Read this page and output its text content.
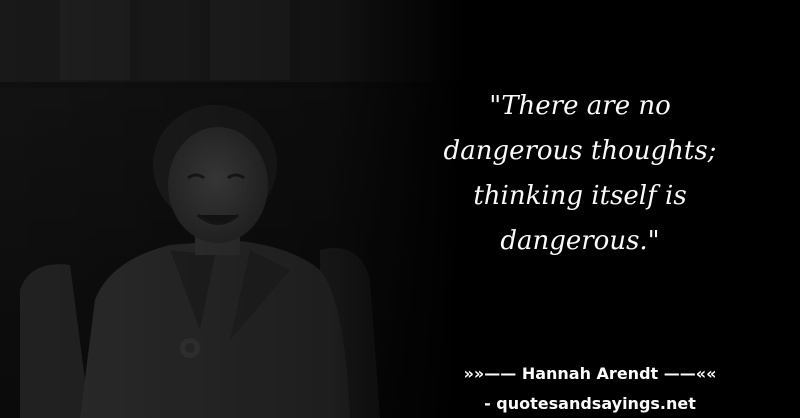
"There are no
dangerous thoughts;
thinking itself is
dangerous."

»»—— Hannah Arendt ——««
- quotesandsayings.net
